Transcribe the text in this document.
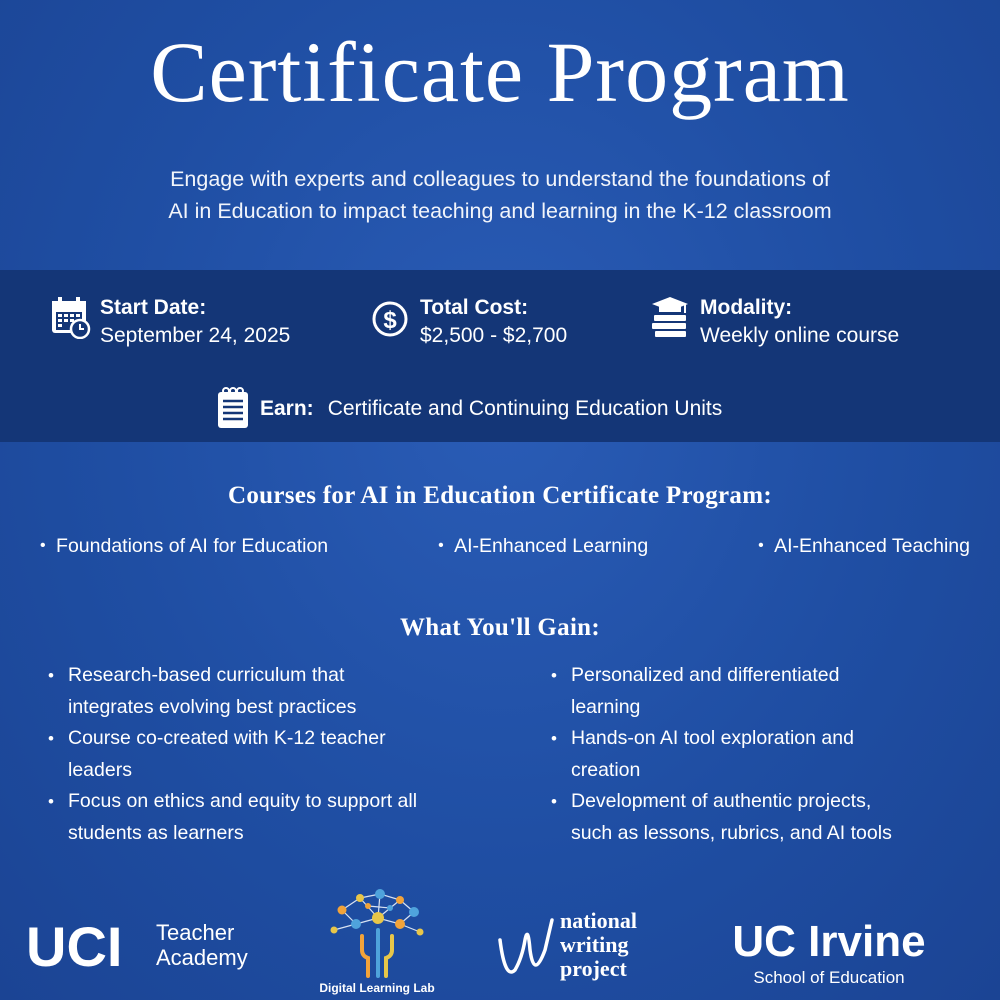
Certificate Program
Engage with experts and colleagues to understand the foundations of
AI in Education to impact teaching and learning in the K-12 classroom
Start Date:
September 24, 2025
$ Total Cost:
$2,500 - $2,700
Modality:
Weekly online course
Earn: Certificate and Continuing Education Units
Courses for AI in Education Certificate Program:
• Foundations of AI for Education	• AI-Enhanced Learning	• AI-Enhanced Teaching
What You'll Gain:
• Research-based curriculum that
integrates evolving best practices
• Course co-created with K-12 teacher
leaders
• Focus on ethics and equity to support all
students as learners
• Personalized and differentiated
learning
• Hands-on AI tool exploration and
creation
• Development of authentic projects,
such as lessons, rubrics, and AI tools
UCI Teacher
Academy
Digital Learning Lab
national
writing
project
UC Irvine
School of Education
